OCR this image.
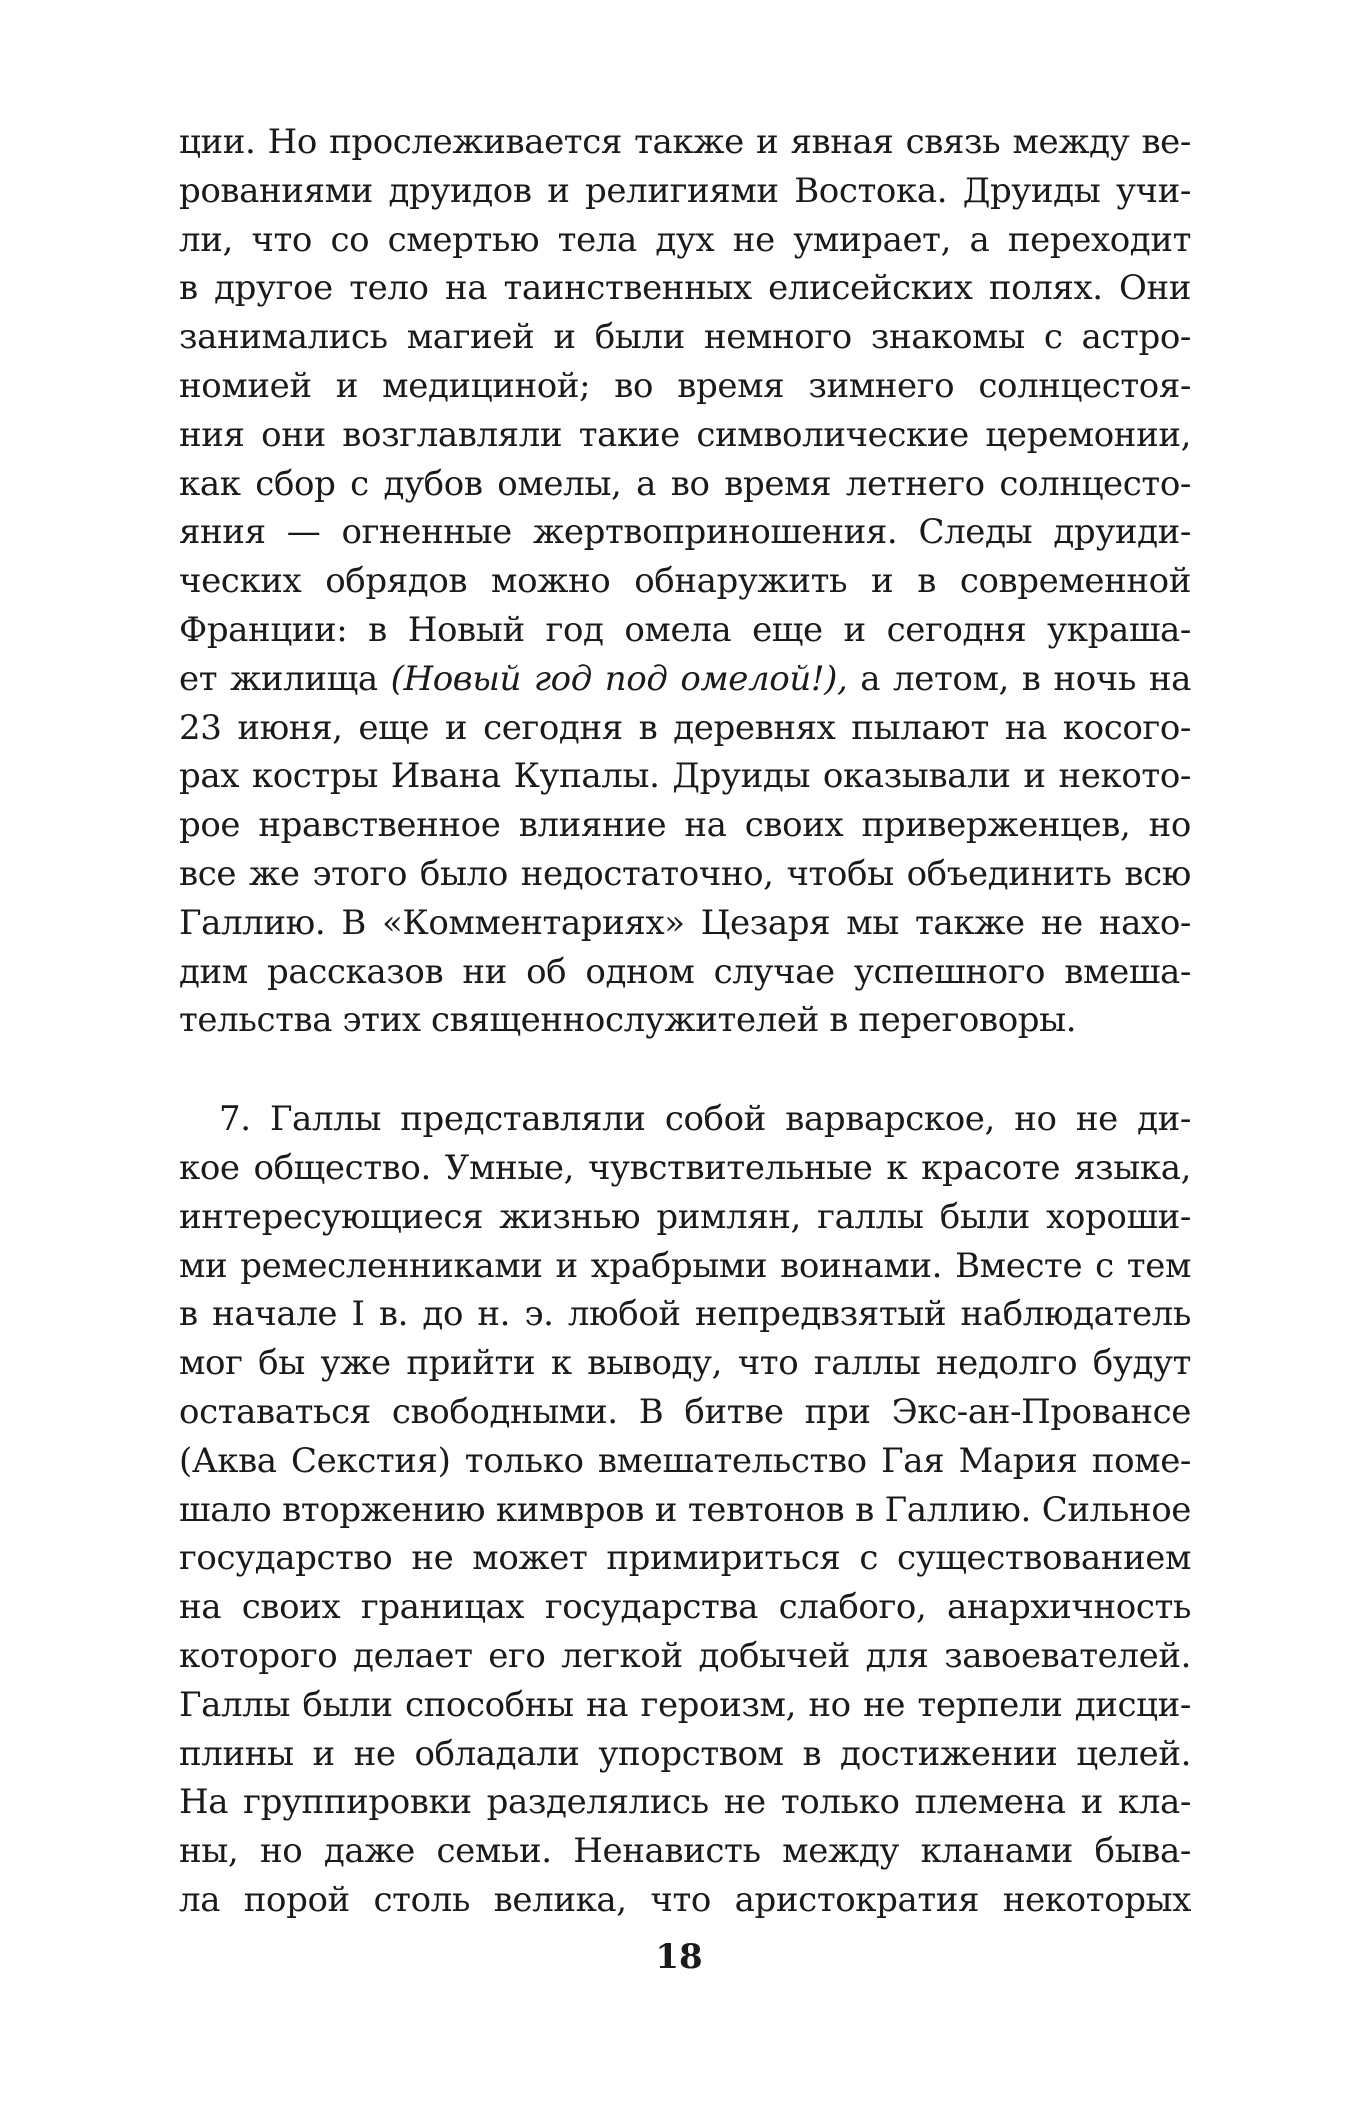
ции. Но прослеживается также и явная связь между ве-
рованиями друидов и религиями Востока. Друиды учи-
ли, что со смертью тела дух не умирает, а переходит
в другое тело на таинственных елисейских полях. Они
занимались магией и были немного знакомы с астро-
номией и медициной; во время зимнего солнцестоя-
ния они возглавляли такие символические церемонии,
как сбор с дубов омелы, а во время летнего солнцесто-
яния — огненные жертвоприношения. Следы друиди-
ческих обрядов можно обнаружить и в современной
Франции: в Новый год омела еще и сегодня украша-
ет жилища (Новый год под омелой!), а летом, в ночь на
23 июня, еще и сегодня в деревнях пылают на косого-
рах костры Ивана Купалы. Друиды оказывали и некото-
рое нравственное влияние на своих приверженцев, но
все же этого было недостаточно, чтобы объединить всю
Галлию. В «Комментариях» Цезаря мы также не нахо-
дим рассказов ни об одном случае успешного вмеша-
тельства этих священнослужителей в переговоры.
7. Галлы представляли собой варварское, но не ди-
кое общество. Умные, чувствительные к красоте языка,
интересующиеся жизнью римлян, галлы были хороши-
ми ремесленниками и храбрыми воинами. Вместе с тем
в начале I в. до н. э. любой непредвзятый наблюдатель
мог бы уже прийти к выводу, что галлы недолго будут
оставаться свободными. В битве при Экс-ан-Провансе
(Аква Секстия) только вмешательство Гая Мария поме-
шало вторжению кимвров и тевтонов в Галлию. Сильное
государство не может примириться с существованием
на своих границах государства слабого, анархичность
которого делает его легкой добычей для завоевателей.
Галлы были способны на героизм, но не терпели дисци-
плины и не обладали упорством в достижении целей.
На группировки разделялись не только племена и кла-
ны, но даже семьи. Ненависть между кланами быва-
ла порой столь велика, что аристократия некоторых
18
